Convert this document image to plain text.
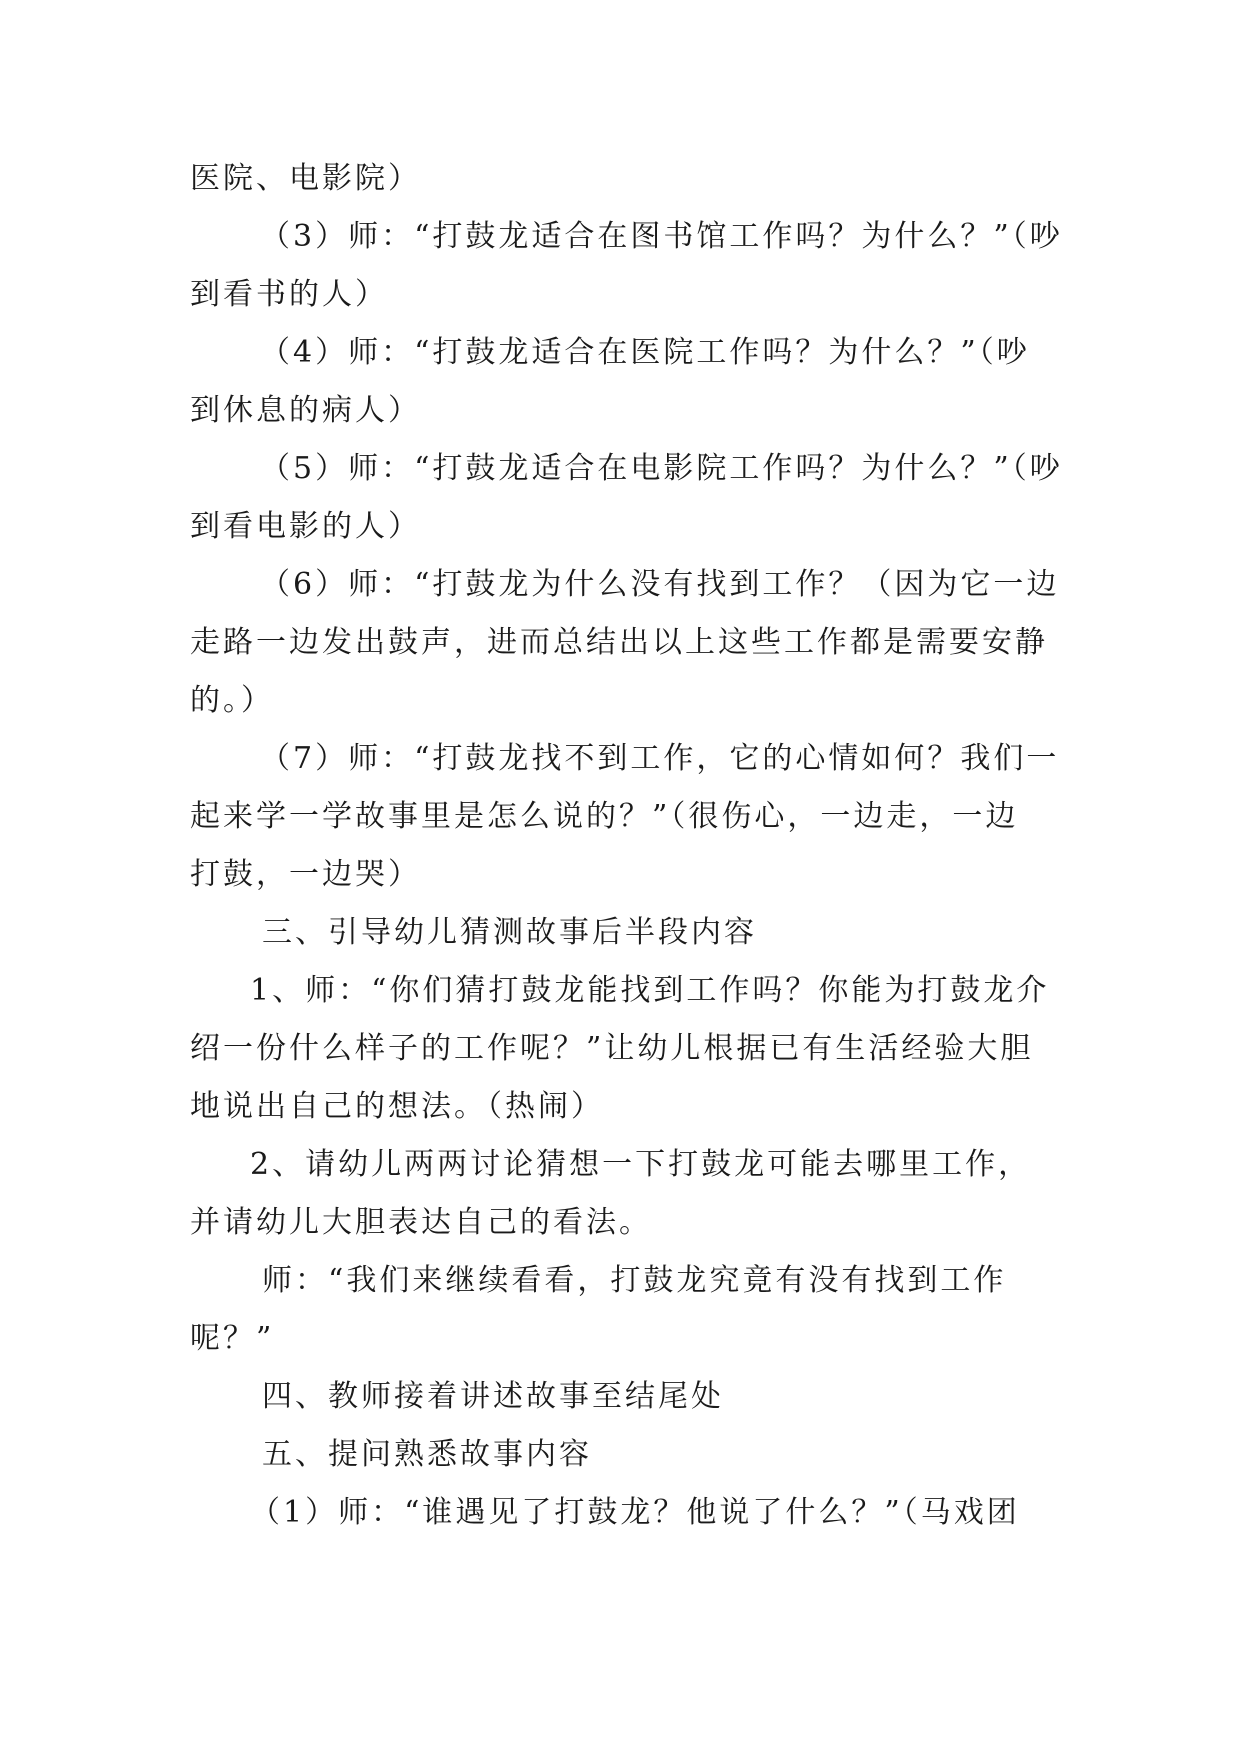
医院、电影院）
（3）师：“打鼓龙适合在图书馆工作吗？为什么？”（吵
到看书的人）
（4）师：“打鼓龙适合在医院工作吗？为什么？”（吵
到休息的病人）
（5）师：“打鼓龙适合在电影院工作吗？为什么？”（吵
到看电影的人）
（6）师：“打鼓龙为什么没有找到工作？（因为它一边
走路一边发出鼓声，进而总结出以上这些工作都是需要安静
的。）
（7）师：“打鼓龙找不到工作，它的心情如何？我们一
起来学一学故事里是怎么说的？”（很伤心，一边走，一边
打鼓，一边哭）
三、引导幼儿猜测故事后半段内容
1、师：“你们猜打鼓龙能找到工作吗？你能为打鼓龙介
绍一份什么样子的工作呢？”让幼儿根据已有生活经验大胆
地说出自己的想法。（热闹）
2、请幼儿两两讨论猜想一下打鼓龙可能去哪里工作，
并请幼儿大胆表达自己的看法。
师：“我们来继续看看，打鼓龙究竟有没有找到工作
呢？”
四、教师接着讲述故事至结尾处
五、提问熟悉故事内容
（1）师：“谁遇见了打鼓龙？他说了什么？”（马戏团
